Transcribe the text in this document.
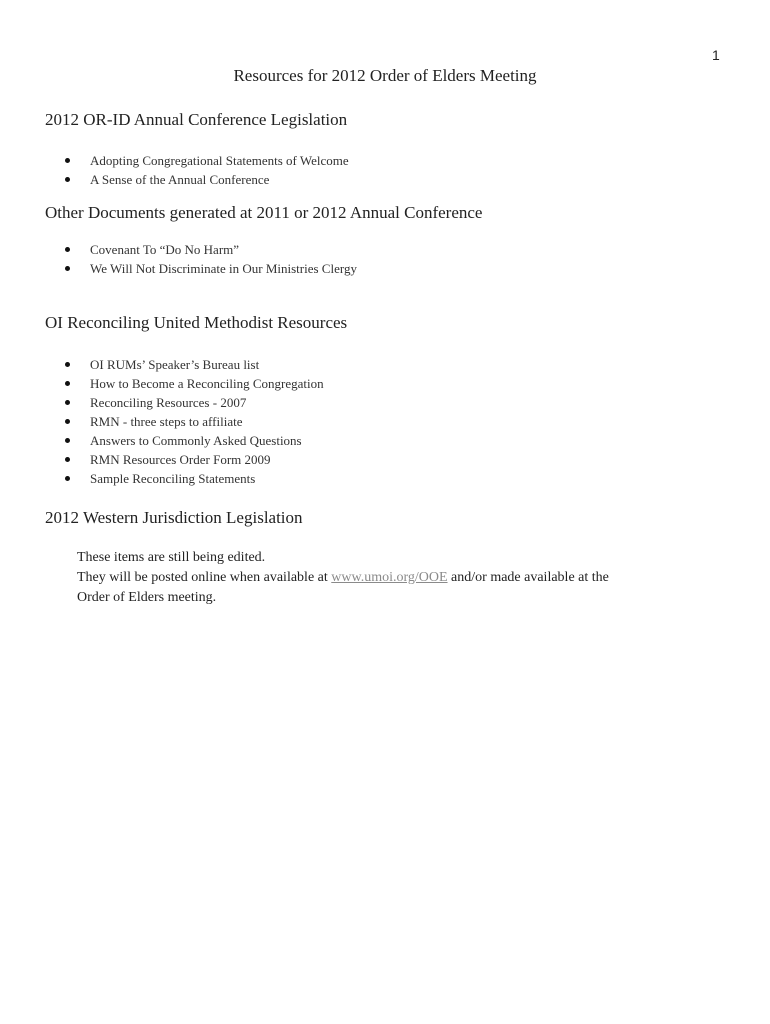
1
Resources for 2012 Order of Elders Meeting
2012 OR-ID Annual Conference Legislation
Adopting Congregational Statements of Welcome
A Sense of the Annual Conference
Other Documents generated at 2011 or 2012 Annual Conference
Covenant To “Do No Harm”
We Will Not Discriminate in Our Ministries Clergy
OI Reconciling United Methodist Resources
OI RUMs’ Speaker’s Bureau list
How to Become a Reconciling Congregation
Reconciling Resources - 2007
RMN - three steps to affiliate
Answers to Commonly Asked Questions
RMN Resources Order Form 2009
Sample Reconciling Statements
2012 Western Jurisdiction Legislation
These items are still being edited.
They will be posted online when available at www.umoi.org/OOE and/or made available at the
Order of Elders meeting.
